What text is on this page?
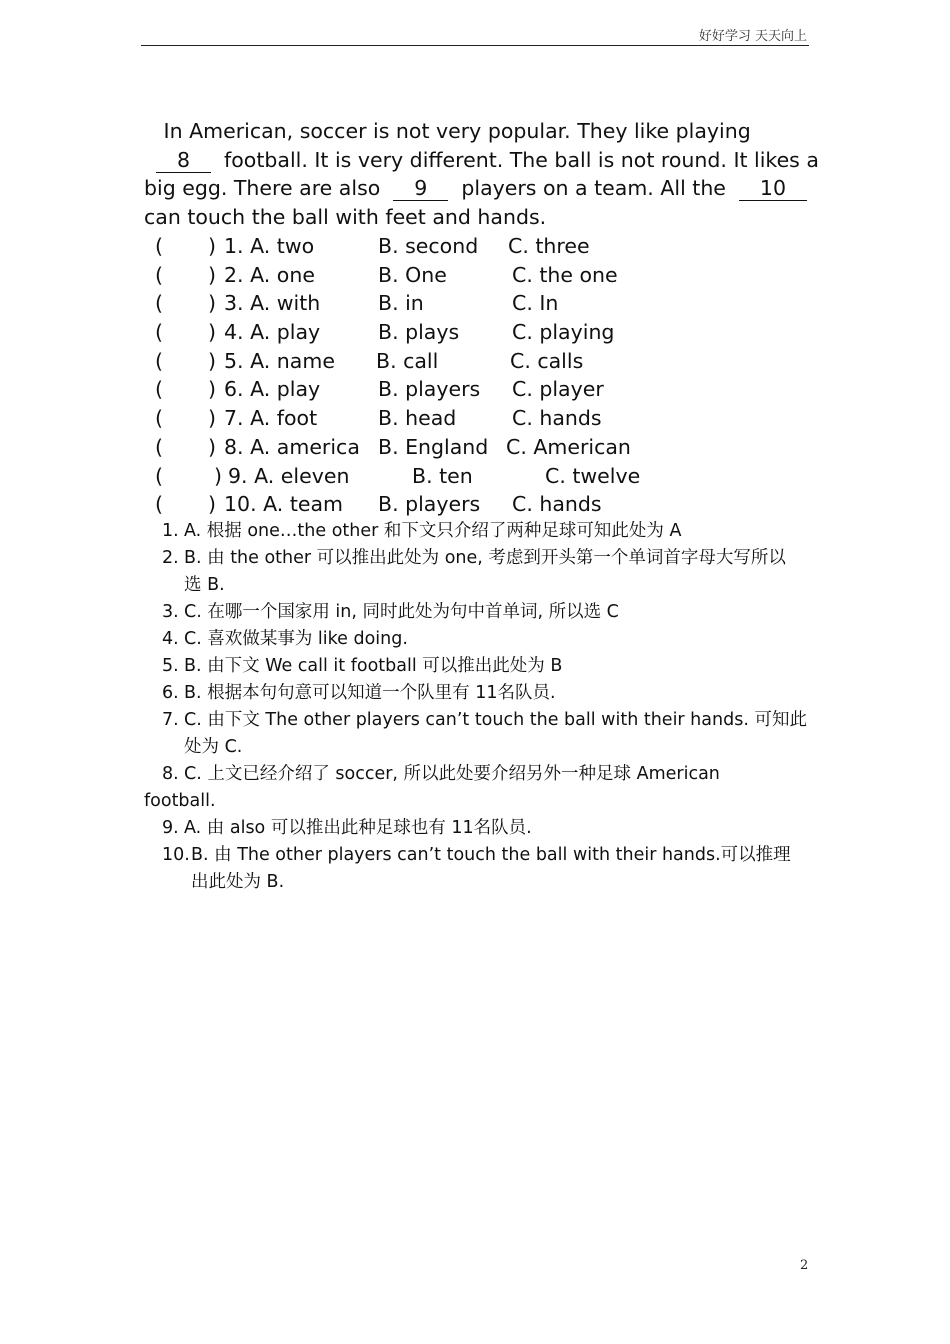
好好学习 天天向上
In American, soccer is not very popular. They like playing
8  football. It is very different. The ball is not round. It likes a
big egg. There are also  9  players on a team. All the  10
can touch the ball with feet and hands.
( ) 1. A. two	B. second C. three
( ) 2. A. one	B. One	C. the one
( ) 3. A. with	B. in	C. In
( ) 4. A. play	B. plays	C. playing
( ) 5. A. name B. call	C. calls
( ) 6. A. play	B. players C. player
( ) 7. A. foot	B. head	C. hands
( ) 8. A. america B. England C. American
( ) 9. A. eleven	B. ten	C. twelve
( ) 10. A. team B. players C. hands
1. A. 根据 one…the other 和下文只介绍了两种足球可知此处为 A
2. B. 由 the other 可以推出此处为 one, 考虑到开头第一个单词首字母大写所以选 B.
3. C. 在哪一个国家用 in, 同时此处为句中首单词, 所以选 C
4. C. 喜欢做某事为 like doing.
5. B. 由下文 We call it football 可以推出此处为 B
6. B. 根据本句句意可以知道一个队里有 11名队员.
7. C. 由下文 The other players can’t touch the ball with their hands. 可知此处为 C.
8. C. 上文已经介绍了 soccer, 所以此处要介绍另外一种足球 American
football.
9. A. 由 also 可以推出此种足球也有 11名队员.
10. B. 由 The other players can’t touch the ball with their hands.可以推理出此处为 B.
2
